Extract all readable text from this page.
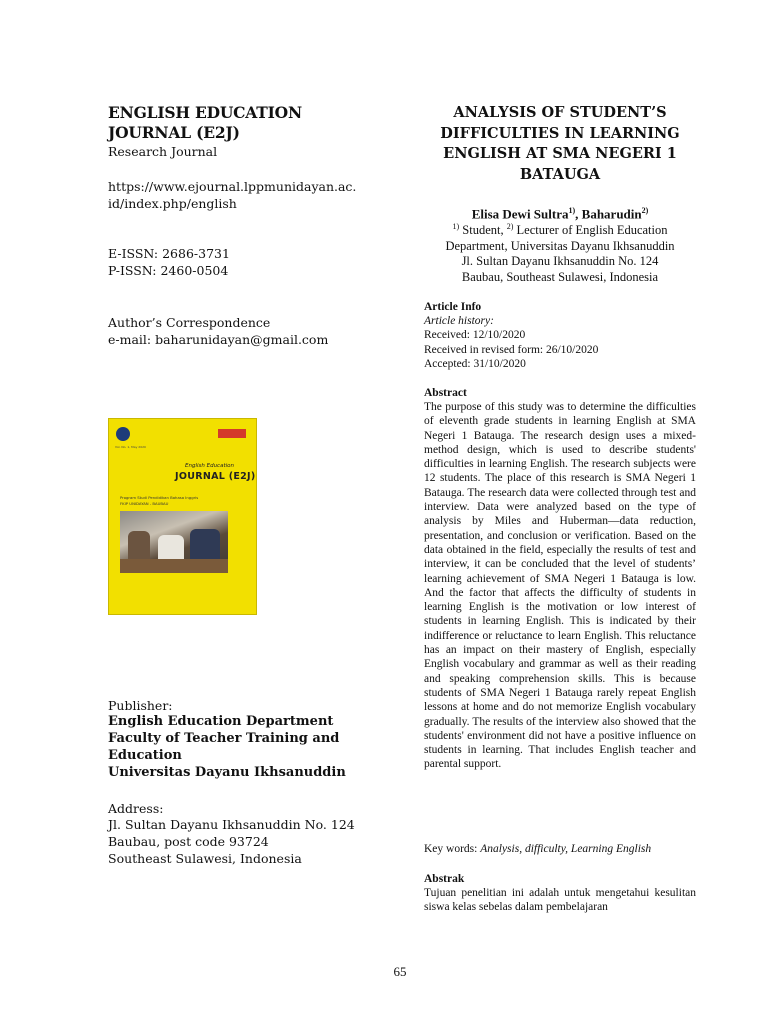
ENGLISH EDUCATION JOURNAL (E2J)
Research Journal
https://www.ejournal.lppmunidayan.ac.
id/index.php/english
E-ISSN: 2686-3731
P-ISSN: 2460-0504
Author’s Correspondence
e-mail: baharunidayan@gmail.com
Vol. No. 1, May 2020
English Education
JOURNAL (E2J)
Program Studi Pendidikan Bahasa Inggris
FKIP UNIDAYAN - BAUBAU
Publisher:
English Education Department
Faculty of Teacher Training and Education
Universitas Dayanu Ikhsanuddin
Address:
Jl. Sultan Dayanu Ikhsanuddin No. 124
Baubau, post code 93724
Southeast Sulawesi, Indonesia
ANALYSIS OF STUDENT’S DIFFICULTIES IN LEARNING ENGLISH AT SMA NEGERI 1 BATAUGA
Elisa Dewi Sultra$^{1)}$, Baharudin$^{2)}$
$^{1)}$ Student, $^{2)}$ Lecturer of English Education Department, Universitas Dayanu Ikhsanuddin
Jl. Sultan Dayanu Ikhsanuddin No. 124
Baubau, Southeast Sulawesi, Indonesia
Article Info
Article history:
Received: 12/10/2020
Received in revised form: 26/10/2020
Accepted: 31/10/2020
Abstract
The purpose of this study was to determine the difficulties of eleventh grade students in learning English at SMA Negeri 1 Batauga. The research design uses a mixed-method design, which is used to describe students' difficulties in learning English. The research subjects were 12 students. The place of this research is SMA Negeri 1 Batauga. The research data were collected through test and interview. Data were analyzed based on the type of analysis by Miles and Huberman—data reduction, presentation, and conclusion or verification. Based on the data obtained in the field, especially the results of test and interview, it can be concluded that the level of students’ learning achievement of SMA Negeri 1 Batauga is low. And the factor that affects the difficulty of students in learning English is the motivation or low interest of students in learning English. This is indicated by their indifference or reluctance to learn English. This reluctance has an impact on their mastery of English, especially English vocabulary and grammar as well as their reading and speaking comprehension skills. This is because students of SMA Negeri 1 Batauga rarely repeat English lessons at home and do not memorize English vocabulary gradually. The results of the interview also showed that the students' environment did not have a positive influence on students in learning. That includes English teacher and parental support.
Key words: Analysis, difficulty, Learning English
Abstrak
Tujuan penelitian ini adalah untuk mengetahui kesulitan siswa kelas sebelas dalam pembelajaran
65
